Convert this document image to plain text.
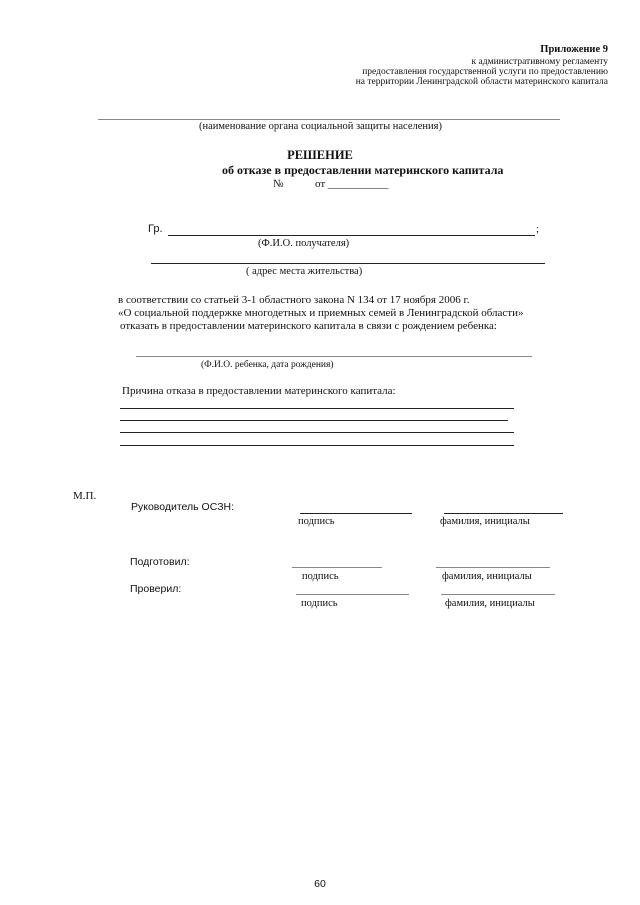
Приложение 9
к административному регламенту
предоставления государственной услуги по предоставлению
на территории Ленинградской области материнского капитала
(наименование органа социальной защиты населения)
РЕШЕНИЕ
об отказе в предоставлении материнского капитала
№	от ___________
Гр.	;
(Ф.И.О. получателя)
( адрес места жительства)
в соответствии со статьей 3-1 областного закона N 134 от 17 ноября 2006 г.
«О социальной поддержке многодетных и приемных семей в Ленинградской области»
отказать в предоставлении материнского капитала в связи с рождением ребенка:
(Ф.И.О. ребенка, дата рождения)
Причина отказа в предоставлении материнского капитала:
М.П.
Руководитель ОСЗН:
подпись	фамилия, инициалы
Подготовил:
подпись	фамилия, инициалы
Проверил:
подпись	фамилия, инициалы
60
